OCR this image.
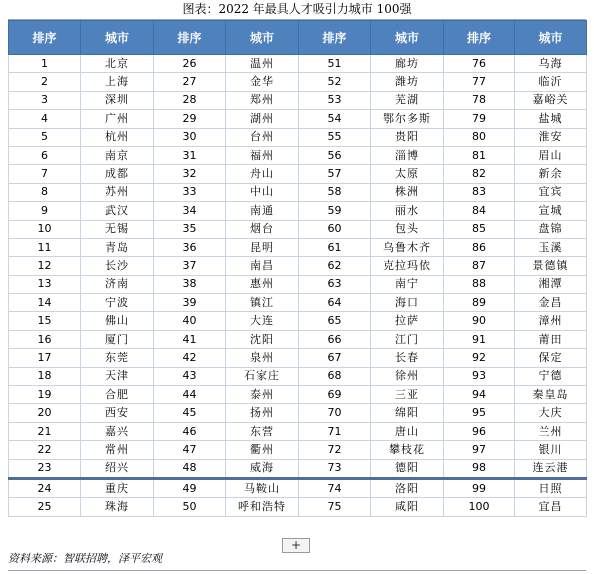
图表：2022 年最具人才吸引力城市 100强
排序	城市	排序	城市	排序	城市	排序	城市
1	北京	26	温州	51	廊坊	76	乌海
2	上海	27	金华	52	潍坊	77	临沂
3	深圳	28	郑州	53	芜湖	78	嘉峪关
4	广州	29	湖州	54	鄂尔多斯	79	盐城
5	杭州	30	台州	55	贵阳	80	淮安
6	南京	31	福州	56	淄博	81	眉山
7	成都	32	舟山	57	太原	82	新余
8	苏州	33	中山	58	株洲	83	宜宾
9	武汉	34	南通	59	丽水	84	宣城
10	无锡	35	烟台	60	包头	85	盘锦
11	青岛	36	昆明	61	乌鲁木齐	86	玉溪
12	长沙	37	南昌	62	克拉玛依	87	景德镇
13	济南	38	惠州	63	南宁	88	湘潭
14	宁波	39	镇江	64	海口	89	金昌
15	佛山	40	大连	65	拉萨	90	漳州
16	厦门	41	沈阳	66	江门	91	莆田
17	东莞	42	泉州	67	长春	92	保定
18	天津	43	石家庄	68	徐州	93	宁德
19	合肥	44	泰州	69	三亚	94	秦皇岛
20	西安	45	扬州	70	绵阳	95	大庆
21	嘉兴	46	东营	71	唐山	96	兰州
22	常州	47	衢州	72	攀枝花	97	银川
23	绍兴	48	威海	73	德阳	98	连云港
24	重庆	49	马鞍山	74	洛阳	99	日照
25	珠海	50	呼和浩特	75	咸阳	100	宜昌
+
资料来源：智联招聘，泽平宏观
